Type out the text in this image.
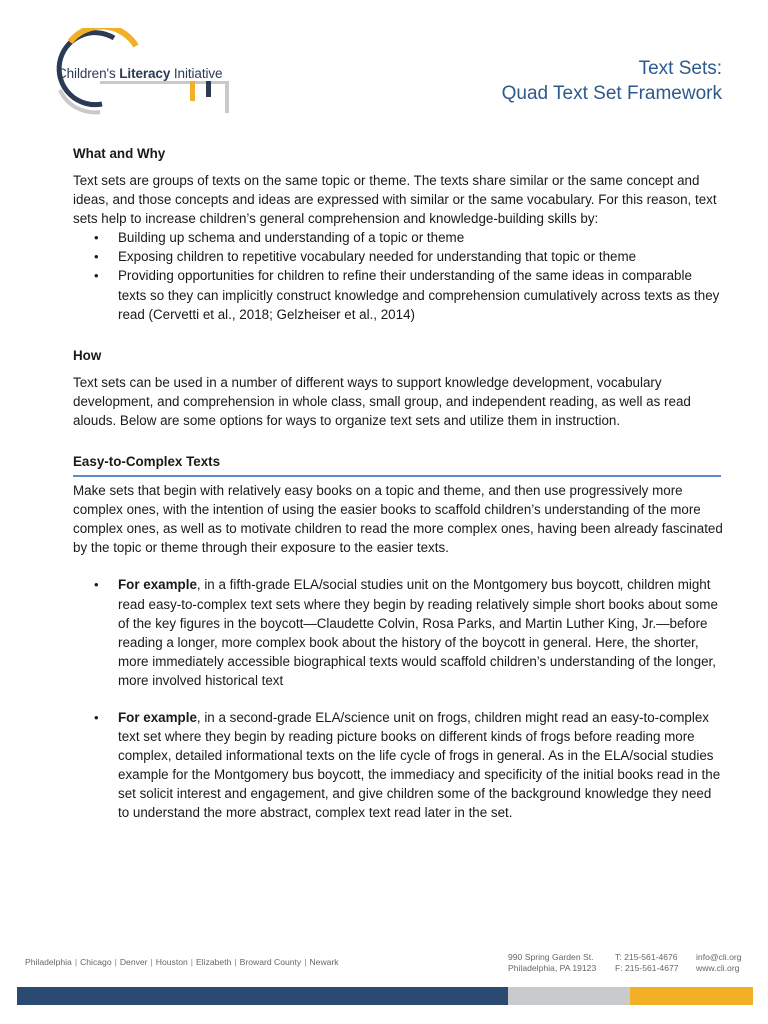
Children's Literacy Initiative	Text Sets:
Quad Text Set Framework
What and Why

Text sets are groups of texts on the same topic or theme. The texts share similar or the same concept and ideas, and those concepts and ideas are expressed with similar or the same vocabulary. For this reason, text sets help to increase children’s general comprehension and knowledge-building skills by:

• Building up schema and understanding of a topic or theme
• Exposing children to repetitive vocabulary needed for understanding that topic or theme
• Providing opportunities for children to refine their understanding of the same ideas in comparable texts so they can implicitly construct knowledge and comprehension cumulatively across texts as they read (Cervetti et al., 2018; Gelzheiser et al., 2014)
How

Text sets can be used in a number of different ways to support knowledge development, vocabulary development, and comprehension in whole class, small group, and independent reading, as well as read alouds. Below are some options for ways to organize text sets and utilize them in instruction.

Easy-to-Complex Texts

Make sets that begin with relatively easy books on a topic and theme, and then use progressively more complex ones, with the intention of using the easier books to scaffold children’s understanding of the more complex ones, as well as to motivate children to read the more complex ones, having been already fascinated by the topic or theme through their exposure to the easier texts.

• For example, in a fifth-grade ELA/social studies unit on the Montgomery bus boycott, children might read easy-to-complex text sets where they begin by reading relatively simple short books about some of the key figures in the boycott—Claudette Colvin, Rosa Parks, and Martin Luther King, Jr.—before reading a longer, more complex book about the history of the boycott in general. Here, the shorter, more immediately accessible biographical texts would scaffold children’s understanding of the longer, more involved historical text
• For example, in a second-grade ELA/science unit on frogs, children might read an easy-to-complex text set where they begin by reading picture books on different kinds of frogs before reading more complex, detailed informational texts on the life cycle of frogs in general. As in the ELA/social studies example for the Montgomery bus boycott, the immediacy and specificity of the initial books read in the set solicit interest and engagement, and give children some of the background knowledge they need to understand the more abstract, complex text read later in the set.
Philadelphia | Chicago | Denver | Houston | Elizabeth | Broward County | Newark	990 Spring Garden St.
Philadelphia, PA 19123
T: 215-561-4676
F: 215-561-4677
info@cli.org
www.cli.org
